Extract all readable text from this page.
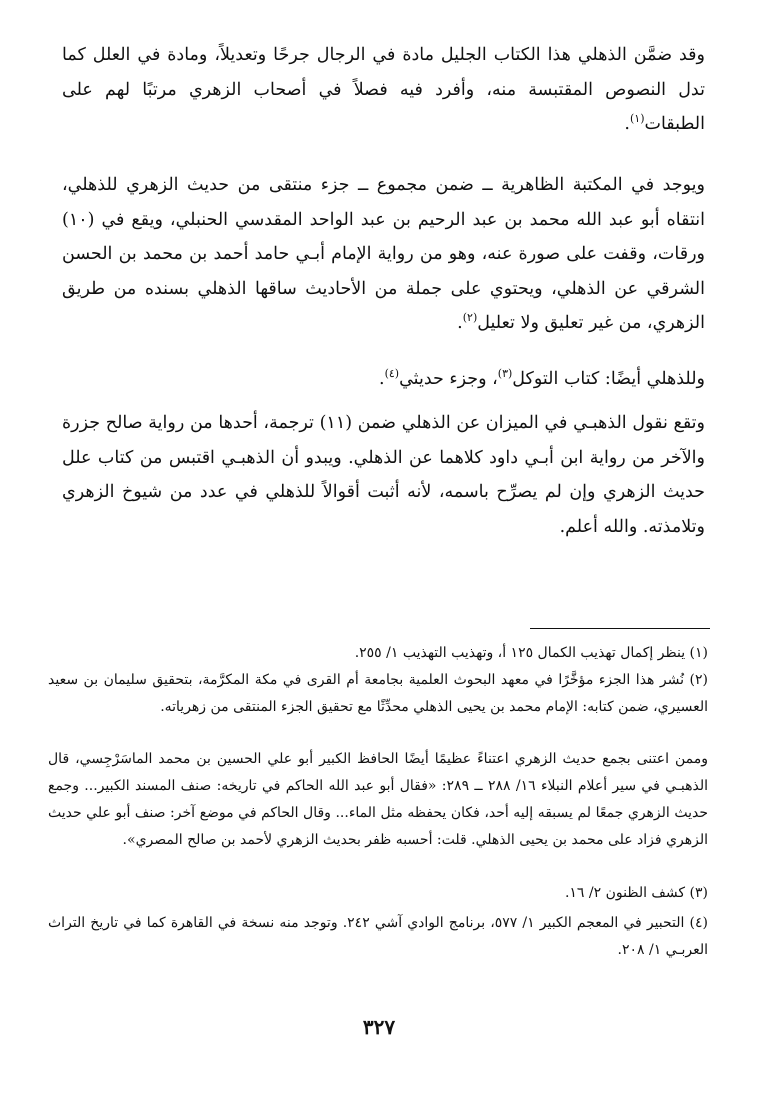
وقد ضمَّن الذهلي هذا الكتاب الجليل مادة في الرجال جرحًا وتعديلاً، ومادة في العلل كما تدل النصوص المقتبسة منه، وأفرد فيه فصلاً في أصحاب الزهري مرتبًا لهم على الطبقات$^{(١)}$.

ويوجد في المكتبة الظاهرية ــ ضمن مجموع ــ جزء منتقى من حديث الزهري للذهلي، انتقاه أبو عبد الله محمد بن عبد الرحيم بن عبد الواحد المقدسي الحنبلي، ويقع في (١٠) ورقات، وقفت على صورة عنه، وهو من رواية الإمام أبـي حامد أحمد بن محمد بن الحسن الشرقي عن الذهلي، ويحتوي على جملة من الأحاديث ساقها الذهلي بسنده من طريق الزهري، من غير تعليق ولا تعليل$^{(٢)}$.

وللذهلي أيضًا: كتاب التوكل$^{(٣)}$، وجزء حديثي$^{(٤)}$.

وتقع نقول الذهبـي في الميزان عن الذهلي ضمن (١١) ترجمة، أحدها من رواية صالح جزرة والآخر من رواية ابن أبـي داود كلاهما عن الذهلي. ويبدو أن الذهبـي اقتبس من كتاب علل حديث الزهري وإن لم يصرِّح باسمه، لأنه أثبت أقوالاً للذهلي في عدد من شيوخ الزهري وتلامذته. والله أعلم.

(١) ينظر إكمال تهذيب الكمال ١٢٥ أ، وتهذيب التهذيب ١/ ٢٥٥.

(٢) نُشر هذا الجزء مؤخَّرًا في معهد البحوث العلمية بجامعة أم القرى في مكة المكرَّمة، بتحقيق سليمان بن سعيد العسيري، ضمن كتابه: الإمام محمد بن يحيى الذهلي محدِّثًا مع تحقيق الجزء المنتقى من زهرياته.

وممن اعتنى بجمع حديث الزهري اعتناءً عظيمًا أيضًا الحافظ الكبير أبو علي الحسين بن محمد الماسَرْجِسي، قال الذهبـي في سير أعلام النبلاء ١٦/ ٢٨٨ ــ ٢٨٩: «فقال أبو عبد الله الحاكم في تاريخه: صنف المسند الكبير... وجمع حديث الزهري جمعًا لم يسبقه إليه أحد، فكان يحفظه مثل الماء... وقال الحاكم في موضع آخر: صنف أبو علي حديث الزهري فزاد على محمد بن يحيى الذهلي. قلت: أحسبه ظفر بحديث الزهري لأحمد بن صالح المصري».

(٣) كشف الظنون ٢/ ١٦.

(٤) التحبير في المعجم الكبير ١/ ٥٧٧، برنامج الوادي آشي ٢٤٢. وتوجد منه نسخة في القاهرة كما في تاريخ التراث العربـي ١/ ٢٠٨.

٣٢٧
